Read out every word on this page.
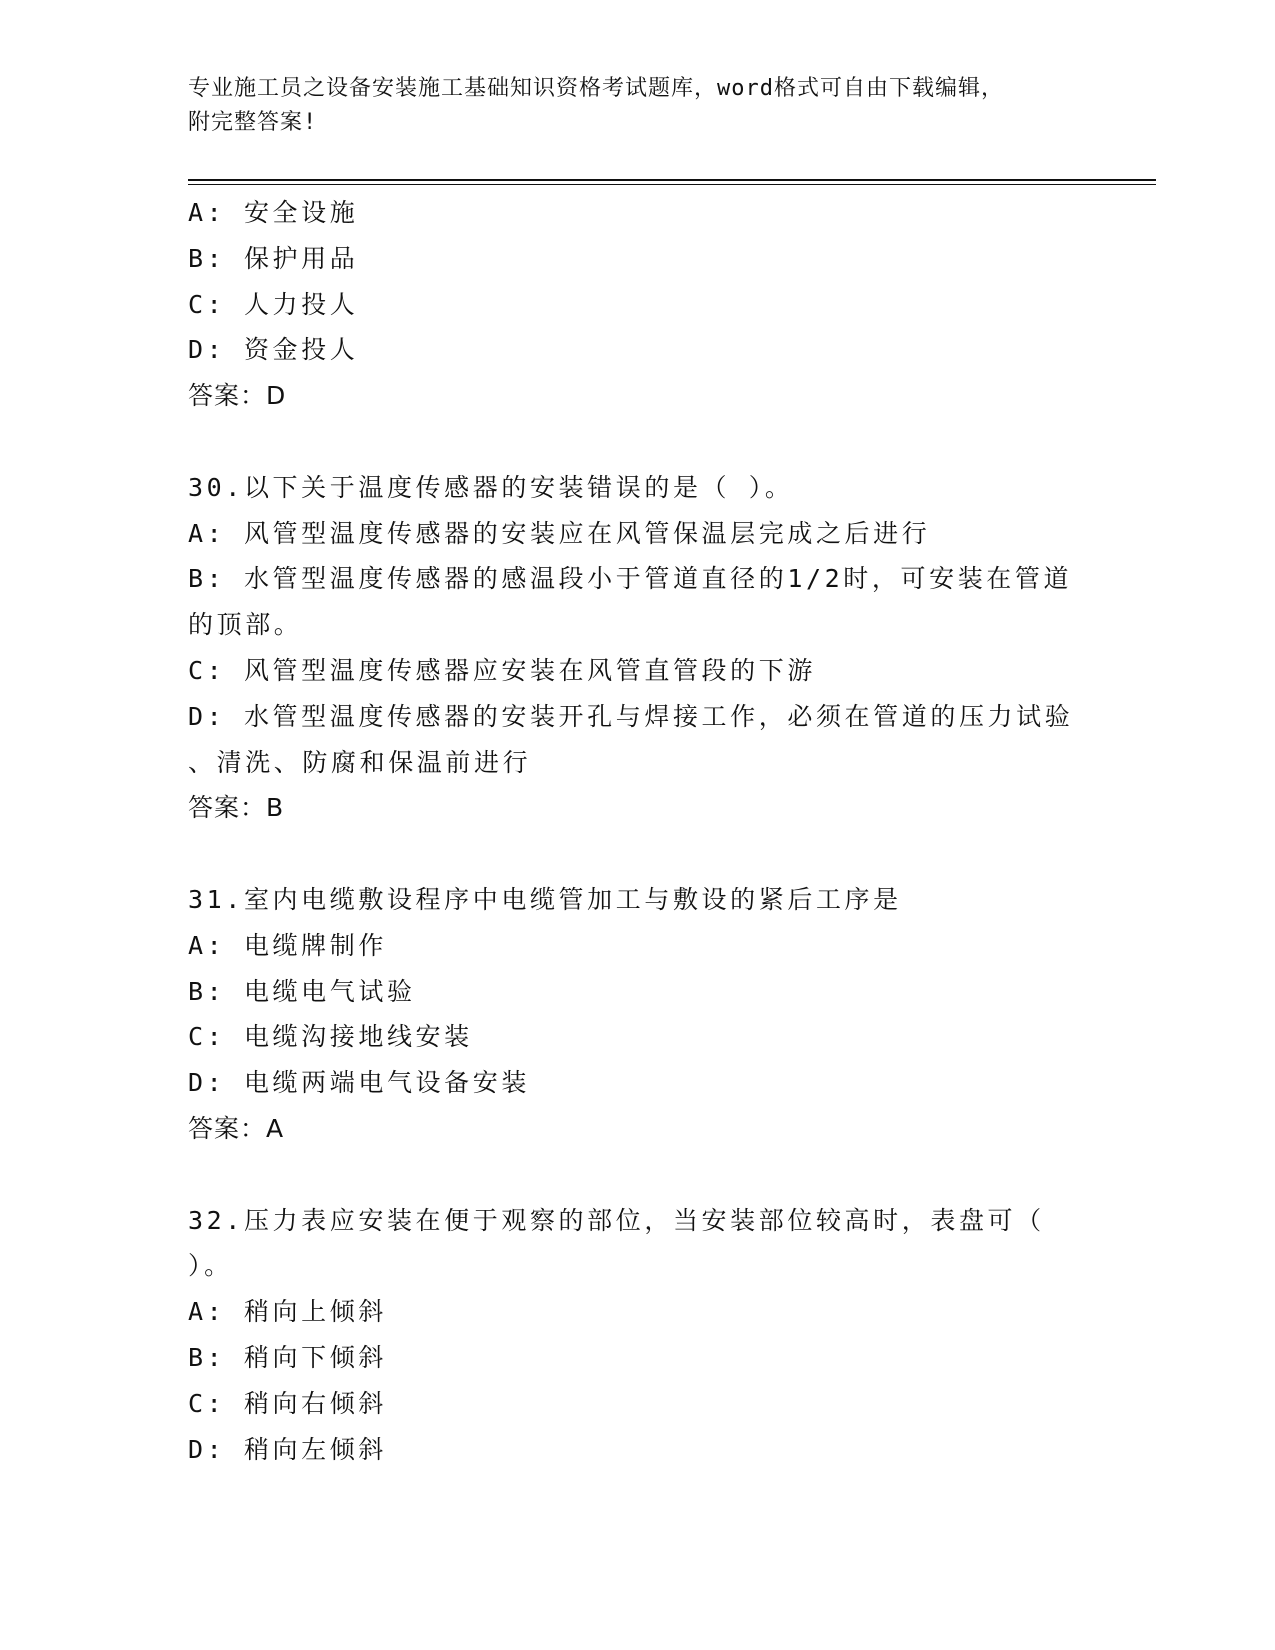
专业施工员之设备安装施工基础知识资格考试题库，word格式可自由下载编辑，
附完整答案!
A: 安全设施
B: 保护用品
C: 人力投人
D: 资金投人
答案：D
30.以下关于温度传感器的安装错误的是（ ）。
A: 风管型温度传感器的安装应在风管保温层完成之后进行
B: 水管型温度传感器的感温段小于管道直径的1/2时，可安装在管道
的顶部。
C: 风管型温度传感器应安装在风管直管段的下游
D: 水管型温度传感器的安装开孔与焊接工作，必须在管道的压力试验
、清洗、防腐和保温前进行
答案：B
31.室内电缆敷设程序中电缆管加工与敷设的紧后工序是
A: 电缆牌制作
B: 电缆电气试验
C: 电缆沟接地线安装
D: 电缆两端电气设备安装
答案：A
32.压力表应安装在便于观察的部位，当安装部位较高时，表盘可（
）。
A: 稍向上倾斜
B: 稍向下倾斜
C: 稍向右倾斜
D: 稍向左倾斜
